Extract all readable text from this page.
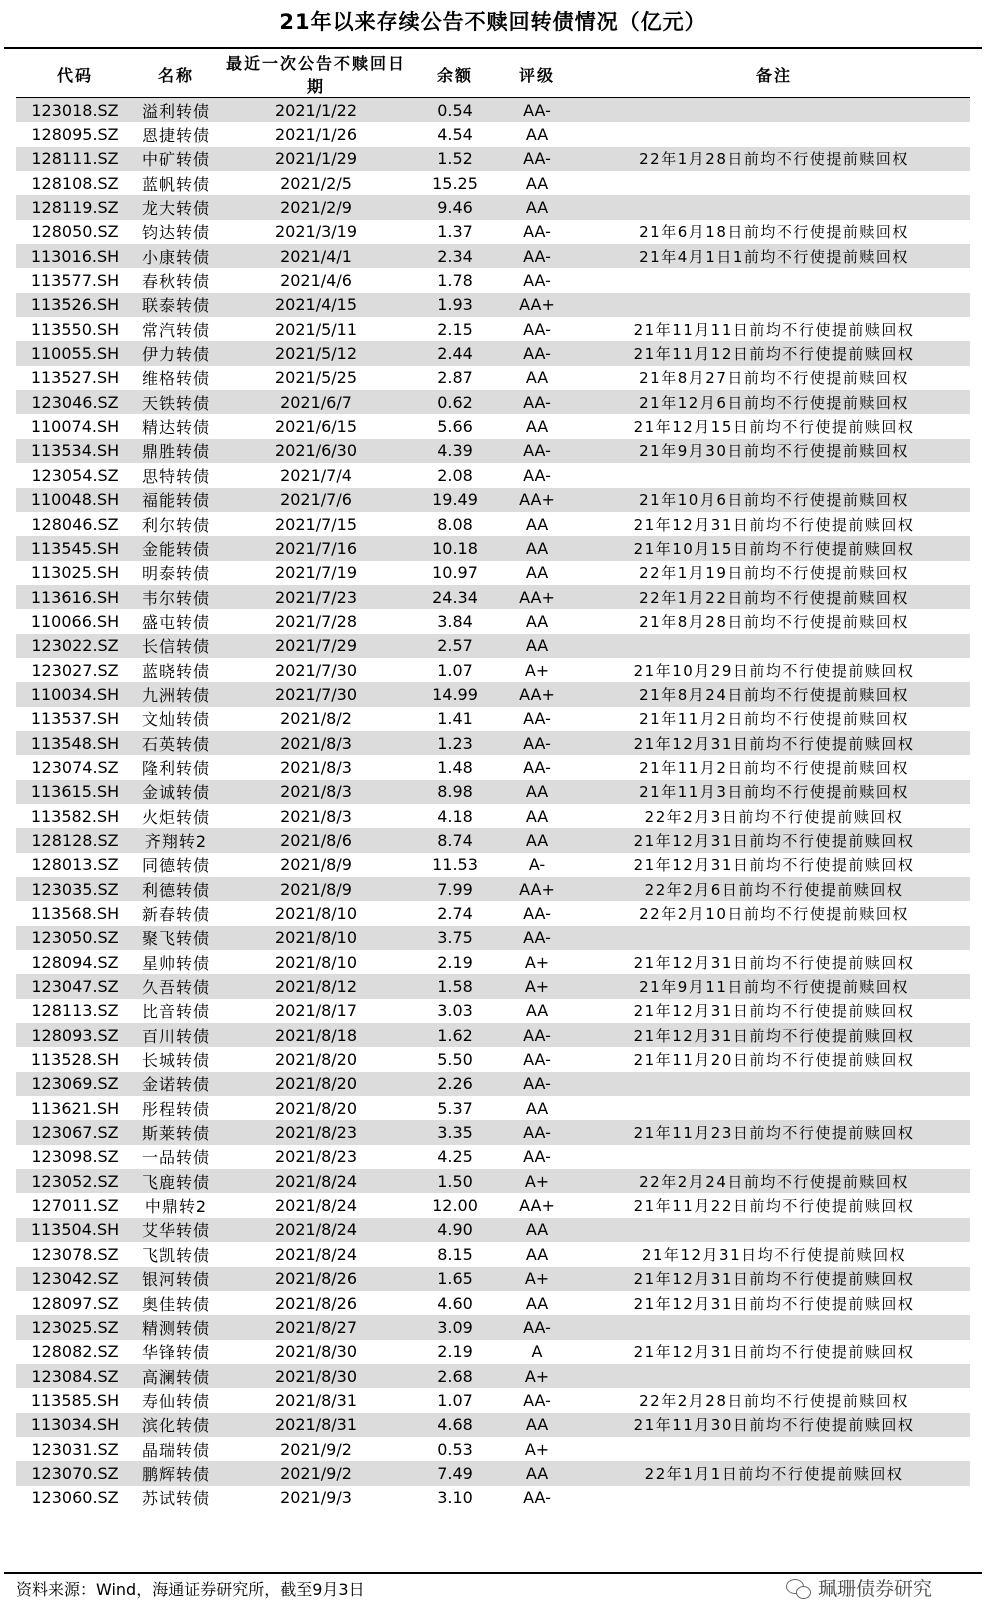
21年以来存续公告不赎回转债情况（亿元）
代码	名称	最近一次公告不赎回日期	余额	评级	备注
123018.SZ	溢利转债	2021/1/22	0.54	AA-	
128095.SZ	恩捷转债	2021/1/26	4.54	AA	
128111.SZ	中矿转债	2021/1/29	1.52	AA-	22年1月28日前均不行使提前赎回权
128108.SZ	蓝帆转债	2021/2/5	15.25	AA	
128119.SZ	龙大转债	2021/2/9	9.46	AA	
128050.SZ	钧达转债	2021/3/19	1.37	AA-	21年6月18日前均不行使提前赎回权
113016.SH	小康转债	2021/4/1	2.34	AA-	21年4月1日1前均不行使提前赎回权
113577.SH	春秋转债	2021/4/6	1.78	AA-	
113526.SH	联泰转债	2021/4/15	1.93	AA+	
113550.SH	常汽转债	2021/5/11	2.15	AA-	21年11月11日前均不行使提前赎回权
110055.SH	伊力转债	2021/5/12	2.44	AA-	21年11月12日前均不行使提前赎回权
113527.SH	维格转债	2021/5/25	2.87	AA	21年8月27日前均不行使提前赎回权
123046.SZ	天铁转债	2021/6/7	0.62	AA-	21年12月6日前均不行使提前赎回权
110074.SH	精达转债	2021/6/15	5.66	AA	21年12月15日前均不行使提前赎回权
113534.SH	鼎胜转债	2021/6/30	4.39	AA-	21年9月30日前均不行使提前赎回权
123054.SZ	思特转债	2021/7/4	2.08	AA-	
110048.SH	福能转债	2021/7/6	19.49	AA+	21年10月6日前均不行使提前赎回权
128046.SZ	利尔转债	2021/7/15	8.08	AA	21年12月31日前均不行使提前赎回权
113545.SH	金能转债	2021/7/16	10.18	AA	21年10月15日前均不行使提前赎回权
113025.SH	明泰转债	2021/7/19	10.97	AA	22年1月19日前均不行使提前赎回权
113616.SH	韦尔转债	2021/7/23	24.34	AA+	22年1月22日前均不行使提前赎回权
110066.SH	盛屯转债	2021/7/28	3.84	AA	21年8月28日前均不行使提前赎回权
123022.SZ	长信转债	2021/7/29	2.57	AA	
123027.SZ	蓝晓转债	2021/7/30	1.07	A+	21年10月29日前均不行使提前赎回权
110034.SH	九洲转债	2021/7/30	14.99	AA+	21年8月24日前均不行使提前赎回权
113537.SH	文灿转债	2021/8/2	1.41	AA-	21年11月2日前均不行使提前赎回权
113548.SH	石英转债	2021/8/3	1.23	AA-	21年12月31日前均不行使提前赎回权
123074.SZ	隆利转债	2021/8/3	1.48	AA-	21年11月2日前均不行使提前赎回权
113615.SH	金诚转债	2021/8/3	8.98	AA	21年11月3日前均不行使提前赎回权
113582.SH	火炬转债	2021/8/3	4.18	AA	22年2月3日前均不行使提前赎回权
128128.SZ	齐翔转2	2021/8/6	8.74	AA	21年12月31日前均不行使提前赎回权
128013.SZ	同德转债	2021/8/9	11.53	A-	21年12月31日前均不行使提前赎回权
123035.SZ	利德转债	2021/8/9	7.99	AA+	22年2月6日前均不行使提前赎回权
113568.SH	新春转债	2021/8/10	2.74	AA-	22年2月10日前均不行使提前赎回权
123050.SZ	聚飞转债	2021/8/10	3.75	AA-	
128094.SZ	星帅转债	2021/8/10	2.19	A+	21年12月31日前均不行使提前赎回权
123047.SZ	久吾转债	2021/8/12	1.58	A+	21年9月11日前均不行使提前赎回权
128113.SZ	比音转债	2021/8/17	3.03	AA	21年12月31日前均不行使提前赎回权
128093.SZ	百川转债	2021/8/18	1.62	AA-	21年12月31日前均不行使提前赎回权
113528.SH	长城转债	2021/8/20	5.50	AA-	21年11月20日前均不行使提前赎回权
123069.SZ	金诺转债	2021/8/20	2.26	AA-	
113621.SH	彤程转债	2021/8/20	5.37	AA	
123067.SZ	斯莱转债	2021/8/23	3.35	AA-	21年11月23日前均不行使提前赎回权
123098.SZ	一品转债	2021/8/23	4.25	AA-	
123052.SZ	飞鹿转债	2021/8/24	1.50	A+	22年2月24日前均不行使提前赎回权
127011.SZ	中鼎转2	2021/8/24	12.00	AA+	21年11月22日前均不行使提前赎回权
113504.SH	艾华转债	2021/8/24	4.90	AA	
123078.SZ	飞凯转债	2021/8/24	8.15	AA	21年12月31日均不行使提前赎回权
123042.SZ	银河转债	2021/8/26	1.65	A+	21年12月31日前均不行使提前赎回权
128097.SZ	奥佳转债	2021/8/26	4.60	AA	21年12月31日前均不行使提前赎回权
123025.SZ	精测转债	2021/8/27	3.09	AA-	
128082.SZ	华锋转债	2021/8/30	2.19	A	21年12月31日前均不行使提前赎回权
123084.SZ	高澜转债	2021/8/30	2.68	A+	
113585.SH	寿仙转债	2021/8/31	1.07	AA-	22年2月28日前均不行使提前赎回权
113034.SH	滨化转债	2021/8/31	4.68	AA	21年11月30日前均不行使提前赎回权
123031.SZ	晶瑞转债	2021/9/2	0.53	A+	
123070.SZ	鹏辉转债	2021/9/2	7.49	AA	22年1月1日前均不行使提前赎回权
123060.SZ	苏试转债	2021/9/3	3.10	AA-	
资料来源：Wind，海通证券研究所，截至9月3日	珮珊债券研究
